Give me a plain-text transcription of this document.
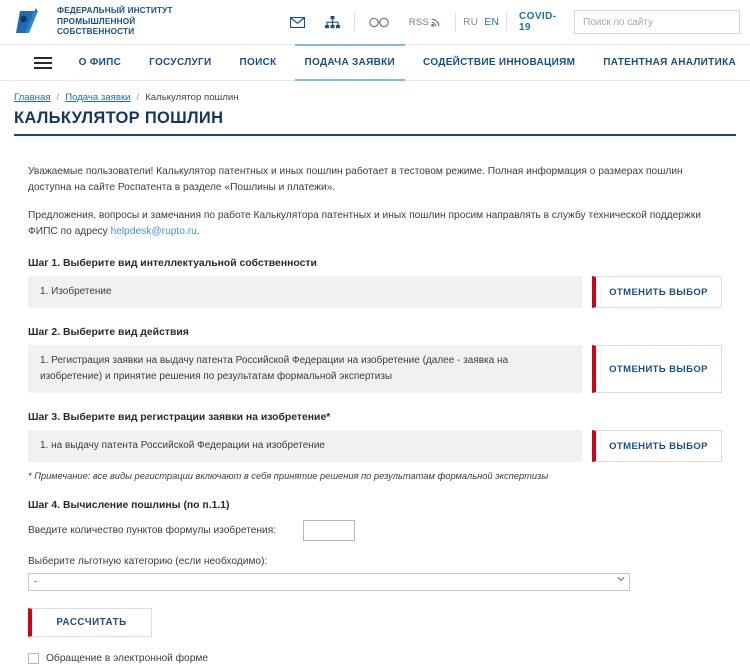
ФЕДЕРАЛЬНЫЙ ИНСТИТУТ
ПРОМЫШЛЕННОЙ
СОБСТВЕННОСТИ
RSS	RU EN	COVID-19
Поиск по сайту
О ФИПС	ГОСУСЛУГИ	ПОИСК	ПОДАЧА ЗАЯВКИ	СОДЕЙСТВИЕ ИННОВАЦИЯМ	ПАТЕНТНАЯ АНАЛИТИКА
Главная / Подача заявки / Калькулятор пошлин
КАЛЬКУЛЯТОР ПОШЛИН

Уважаемые пользователи! Калькулятор патентных и иных пошлин работает в тестовом режиме. Полная информация о размерах пошлин доступна на сайте Роспатента в разделе «Пошлины и платежи».

Предложения, вопросы и замечания по работе Калькулятора патентных и иных пошлин просим направлять в службу технической поддержки ФИПС по адресу helpdesk@rupto.ru.

Шаг 1. Выберите вид интеллектуальной собственности
1. Изобретение	ОТМЕНИТЬ ВЫБОР
Шаг 2. Выберите вид действия
1. Регистрация заявки на выдачу патента Российской Федерации на изобретение (далее - заявка на изобретение) и принятие решения по результатам формальной экспертизы
ОТМЕНИТЬ ВЫБОР
Шаг 3. Выберите вид регистрации заявки на изобретение*
1. на выдачу патента Российской Федерации на изобретение	ОТМЕНИТЬ ВЫБОР
* Примечание: все виды регистрации включают в себя принятие решения по результатам формальной экспертизы
Шаг 4. Вычисление пошлины (по п.1.1)
Введите количество пунктов формулы изобретения:
Выберите льготную категорию (если необходимо):
-
РАССЧИТАТЬ
Обращение в электронной форме
